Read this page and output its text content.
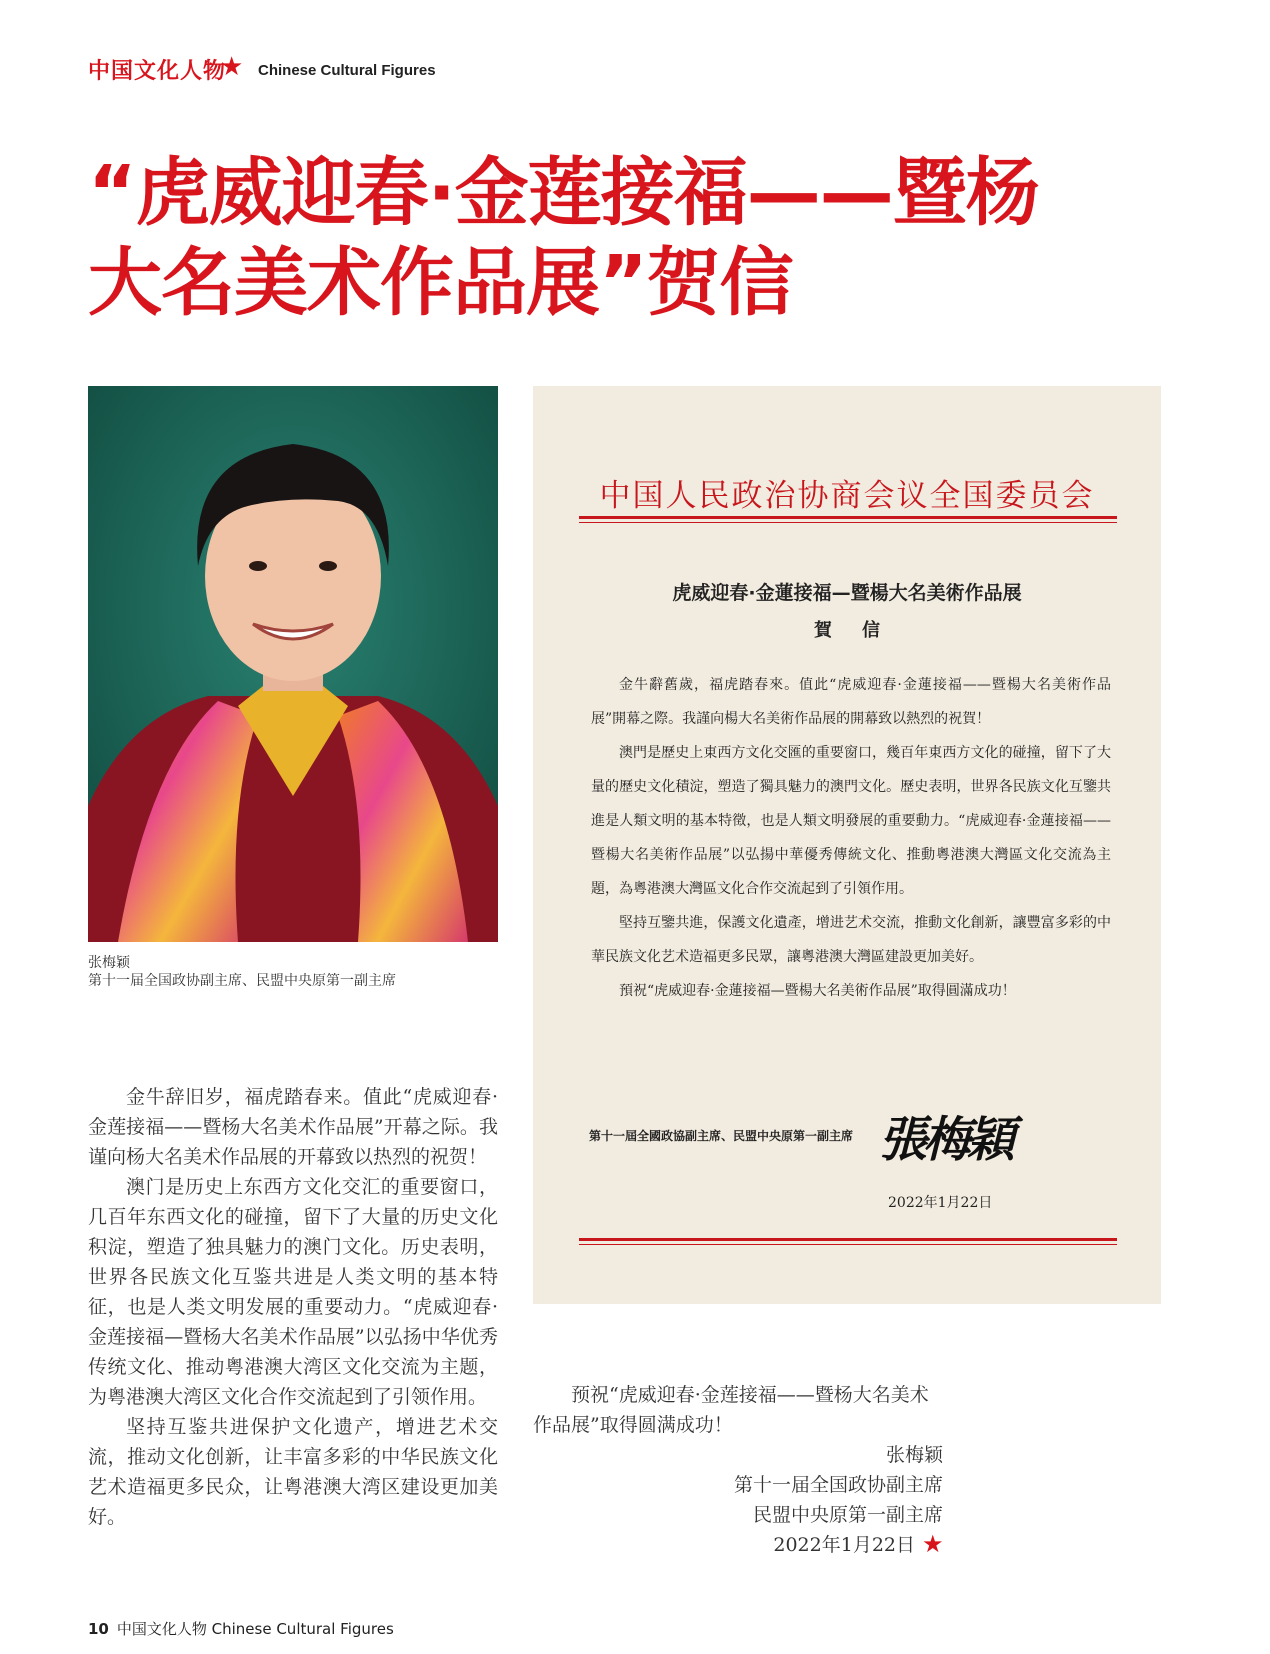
中国文化人物
★ Chinese Cultural Figures
“虎威迎春·金莲接福——暨杨
大名美术作品展”贺信
张梅颖
第十一届全国政协副主席、民盟中央原第一副主席
中国人民政治协商会议全国委员会
虎威迎春·金蓮接福—暨楊大名美術作品展
賀信

金牛辭舊歲，福虎踏春來。值此“虎威迎春·金蓮接福——暨楊大名美術作品展”開幕之際。我謹向楊大名美術作品展的開幕致以熱烈的祝賀！

澳門是歷史上東西方文化交匯的重要窗口，幾百年東西方文化的碰撞，留下了大量的歷史文化積淀，塑造了獨具魅力的澳門文化。歷史表明，世界各民族文化互鑒共進是人類文明的基本特徵，也是人類文明發展的重要動力。“虎威迎春·金蓮接福——暨楊大名美術作品展”以弘揚中華優秀傳統文化、推動粵港澳大灣區文化交流為主題，為粵港澳大灣區文化合作交流起到了引領作用。

堅持互鑒共進，保護文化遺產，增进艺术交流，推動文化創新，讓豐富多彩的中華民族文化艺术造福更多民眾，讓粵港澳大灣區建設更加美好。

預祝“虎威迎春·金蓮接福—暨楊大名美術作品展”取得圓滿成功！

第十一屆全國政協副主席、民盟中央原第一副主席 張梅穎
2022年1月22日

金牛辞旧岁，福虎踏春来。值此“虎威迎春·金莲接福——暨杨大名美术作品展”开幕之际。我谨向杨大名美术作品展的开幕致以热烈的祝贺！

澳门是历史上东西方文化交汇的重要窗口，几百年东西文化的碰撞，留下了大量的历史文化积淀，塑造了独具魅力的澳门文化。历史表明，世界各民族文化互鉴共进是人类文明的基本特征，也是人类文明发展的重要动力。“虎威迎春·金莲接福—暨杨大名美术作品展”以弘扬中华优秀传统文化、推动粤港澳大湾区文化交流为主题，为粤港澳大湾区文化合作交流起到了引领作用。

坚持互鉴共进保护文化遗产，增进艺术交流，推动文化创新，让丰富多彩的中华民族文化艺术造福更多民众，让粤港澳大湾区建设更加美好。

预祝“虎威迎春·金莲接福——暨杨大名美术作品展”取得圆满成功！

张梅颖
第十一届全国政协副主席
民盟中央原第一副主席
2022年1月22日 ★
10 中国文化人物 Chinese Cultural Figures
